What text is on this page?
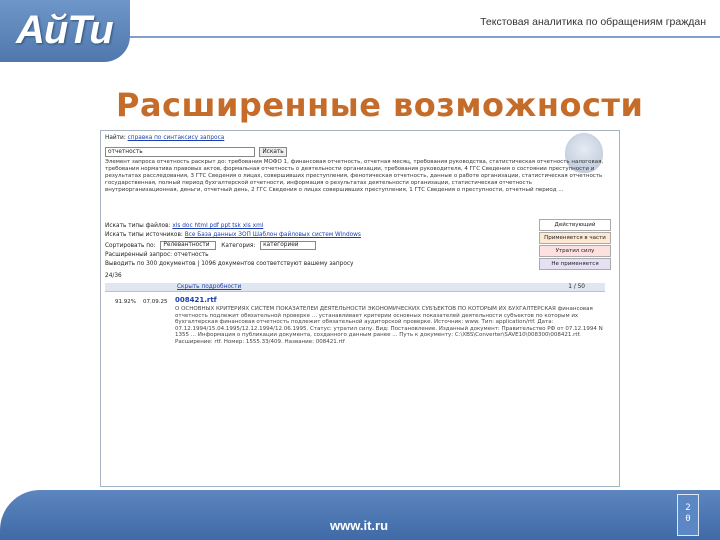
АйТи	Текстовая аналитика по обращениям граждан
Расширенные возможности
Найти: справка по синтаксису запроса
отчетность	Искать
Элемент запроса отчетность раскрыт до: требования МОФО 1, финансовая отчетность, отчетная месяц, требования руководства, статистическая отчетность налоговая, требования норматива правовых актов, формальная отчетность о деятельности организации, требования руководителя, 4 ГГС Сведения о состоянии преступности и результатах расследования, 3 ГТС Сведения о лицах, совершивших преступления, фенотическая отчетность, данные о работе организации, статистическая отчетность государственная, полный период бухгалтерской отчетности, информация о результатах деятельности организации, статистическая отчетность внутриорганизационная, деньги, отчетный день, 2 ГГС Сведения о лицах совершивших преступления, 1 ГТС Сведения о преступности, отчетный период ...
Искать типы файлов: xls doc html pdf ppt tsk xls xml
Искать типы источников: Все База данных ЗОП Шаблон файловых систем Windows
Сортировать по: Релевантности Категория: категорией
Расширенный запрос: отчетность
Выводить по 300 документов | 1096 документов соответствуют вашему запросу
Действующий
Применяется в части
Утратил силу
Не применяется
24/36
Скрыть подробности	1 / 50
91.92% 07.09.25 008421.rtf
О ОСНОВНЫХ КРИТЕРИЯХ СИСТЕМ ПОКАЗАТЕЛЕЙ ДЕЯТЕЛЬНОСТИ ЭКОНОМИЧЕСКИХ СУБЪЕКТОВ ПО КОТОРЫМ ИХ БУХГАЛТЕРСКАЯ финансовая отчетность подлежит обязательной проверке ... устанавливает критерии основных показателей деятельности субъектов по которым их бухгалтерская финансовая отчетность подлежит обязательной аудиторской проверке. Источник: www. Тип: application/rtf. Дата: 07.12.1994/15.04.1995/12.12.1994/12.06.1995. Статус: утратил силу. Вид: Постановление. Изданный документ: Правительство РФ от 07.12.1994 N 1355 ... Информация о публикации документа, созданного данным ранее ... Путь к документу: C:\XBS\Converter\SAVE10\008300\008421.rtf. Расширение: rtf. Номер: 1555.33/409. Название: 008421.rtf
www.it.ru
2
0
